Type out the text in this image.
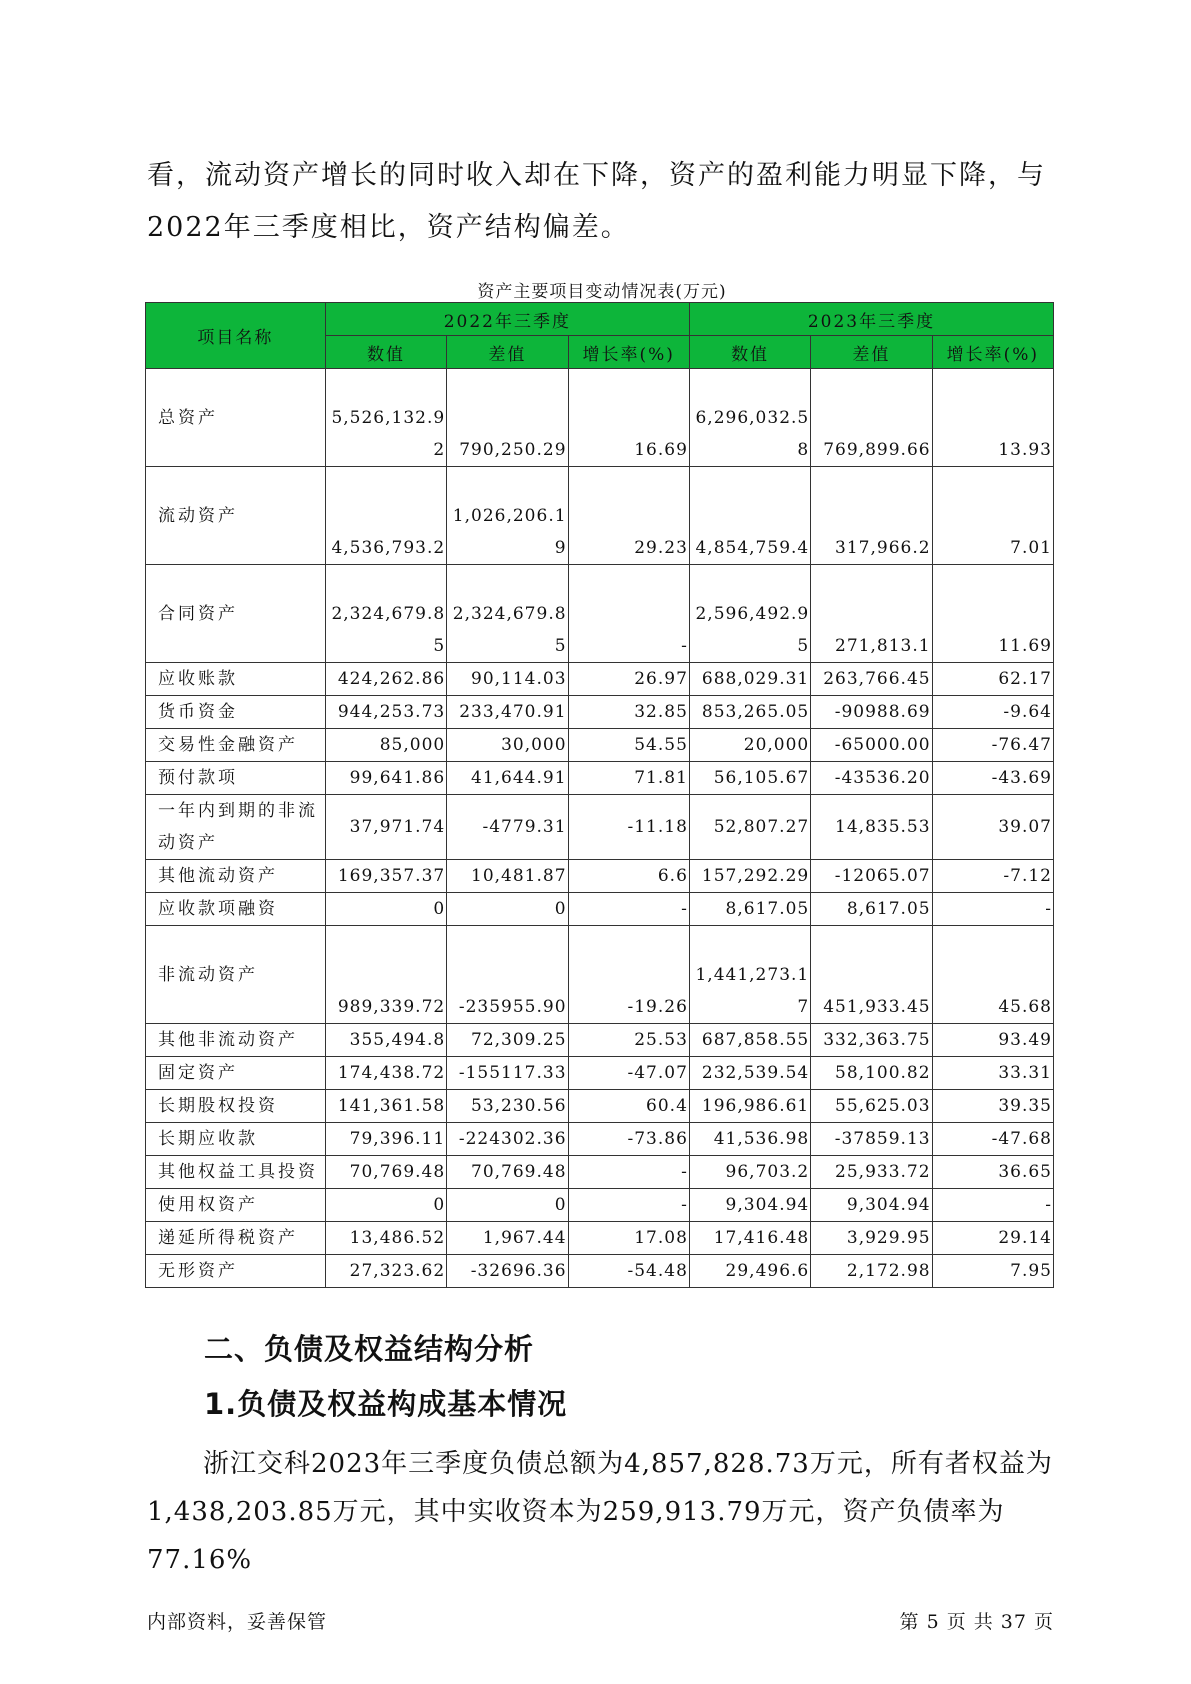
看，流动资产增长的同时收入却在下降，资产的盈利能力明显下降，与2022年三季度相比，资产结构偏差。
资产主要项目变动情况表(万元)
项目名称	2022年三季度			2023年三季度		
	数值	差值	增长率(%)	数值	差值	增长率(%)
总资产	5,526,132.92	790,250.29	16.69	6,296,032.58	769,899.66	13.93
流动资产	4,536,793.2	1,026,206.19	29.23	4,854,759.4	317,966.2	7.01
合同资产	2,324,679.85	2,324,679.85	-	2,596,492.95	271,813.1	11.69
应收账款	424,262.86	90,114.03	26.97	688,029.31	263,766.45	62.17
货币资金	944,253.73	233,470.91	32.85	853,265.05	-90988.69	-9.64
交易性金融资产	85,000	30,000	54.55	20,000	-65000.00	-76.47
预付款项	99,641.86	41,644.91	71.81	56,105.67	-43536.20	-43.69
一年内到期的非流动资产	37,971.74	-4779.31	-11.18	52,807.27	14,835.53	39.07
其他流动资产	169,357.37	10,481.87	6.6	157,292.29	-12065.07	-7.12
应收款项融资	0	0	-	8,617.05	8,617.05	-
非流动资产	989,339.72	-235955.90	-19.26	1,441,273.17	451,933.45	45.68
其他非流动资产	355,494.8	72,309.25	25.53	687,858.55	332,363.75	93.49
固定资产	174,438.72	-155117.33	-47.07	232,539.54	58,100.82	33.31
长期股权投资	141,361.58	53,230.56	60.4	196,986.61	55,625.03	39.35
长期应收款	79,396.11	-224302.36	-73.86	41,536.98	-37859.13	-47.68
其他权益工具投资	70,769.48	70,769.48	-	96,703.2	25,933.72	36.65
使用权资产	0	0	-	9,304.94	9,304.94	-
递延所得税资产	13,486.52	1,967.44	17.08	17,416.48	3,929.95	29.14
无形资产	27,323.62	-32696.36	-54.48	29,496.6	2,172.98	7.95
二、负债及权益结构分析
1.负债及权益构成基本情况
浙江交科2023年三季度负债总额为4,857,828.73万元，所有者权益为1,438,203.85万元，其中实收资本为259,913.79万元，资产负债率为77.16%
内部资料，妥善保管	第 5 页 共 37 页
